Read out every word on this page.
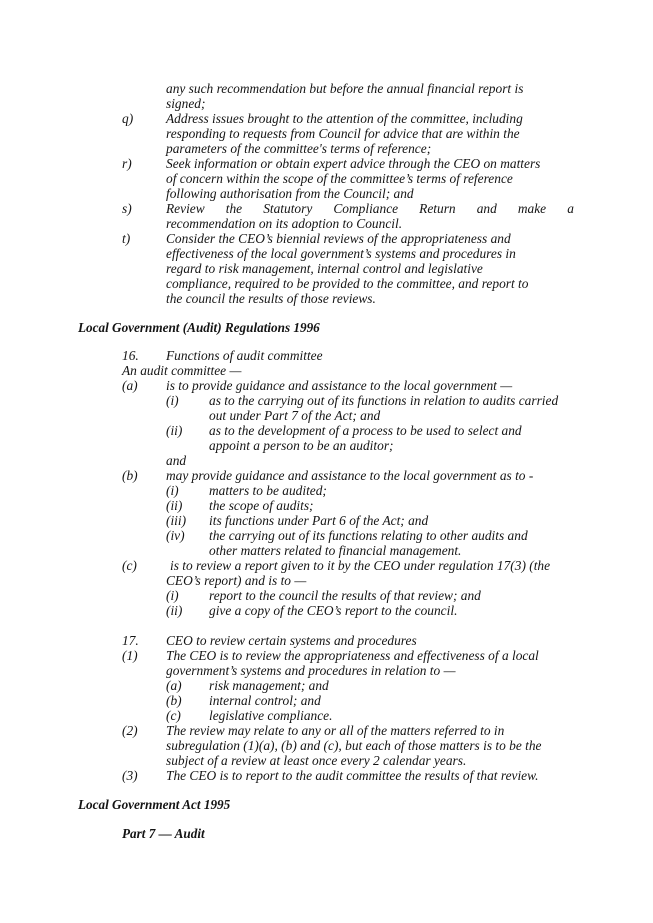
any such recommendation but before the annual financial report is
signed;
q) Address issues brought to the attention of the committee, including
responding to requests from Council for advice that are within the
parameters of the committee's terms of reference;
r)	Seek information or obtain expert advice through the CEO on matters
of concern within the scope of the committee’s terms of reference
following authorisation from the Council; and
s)	Review the Statutory Compliance Return and make a
recommendation on its adoption to Council.
t)	Consider the CEO’s biennial reviews of the appropriateness and
effectiveness of the local government’s systems and procedures in
regard to risk management, internal control and legislative
compliance, required to be provided to the committee, and report to
the council the results of those reviews.
Local Government (Audit) Regulations 1996
16. Functions of audit committee
An audit committee —
(a) is to provide guidance and assistance to the local government —
(i) as to the carrying out of its functions in relation to audits carried
out under Part 7 of the Act; and
(ii) as to the development of a process to be used to select and
appoint a person to be an auditor;
and
(b) may provide guidance and assistance to the local government as to -
(i) matters to be audited;
(ii) the scope of audits;
(iii) its functions under Part 6 of the Act; and
(iv) the carrying out of its functions relating to other audits and
other matters related to financial management.
(c) is to review a report given to it by the CEO under regulation 17(3) (the
CEO’s report) and is to —
(i) report to the council the results of that review; and
(ii) give a copy of the CEO’s report to the council.
17. CEO to review certain systems and procedures
(1) The CEO is to review the appropriateness and effectiveness of a local
government’s systems and procedures in relation to —
(a) risk management; and
(b) internal control; and
(c) legislative compliance.
(2) The review may relate to any or all of the matters referred to in
subregulation (1)(a), (b) and (c), but each of those matters is to be the
subject of a review at least once every 2 calendar years.
(3) The CEO is to report to the audit committee the results of that review.
Local Government Act 1995
Part 7 — Audit
